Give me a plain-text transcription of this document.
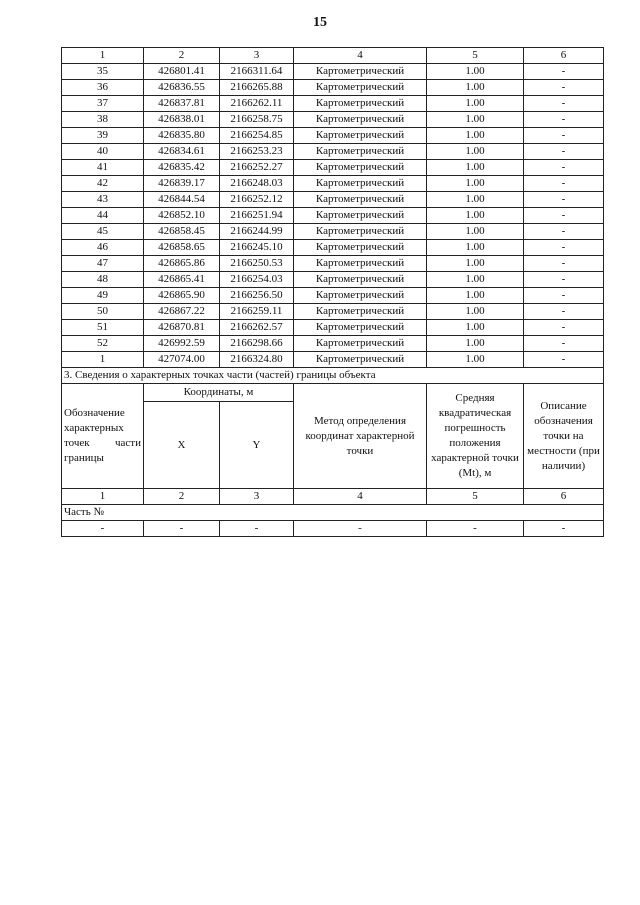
15
1	2	3	4	5	6
35	426801.41	2166311.64	Картометрический	1.00	-
36	426836.55	2166265.88	Картометрический	1.00	-
37	426837.81	2166262.11	Картометрический	1.00	-
38	426838.01	2166258.75	Картометрический	1.00	-
39	426835.80	2166254.85	Картометрический	1.00	-
40	426834.61	2166253.23	Картометрический	1.00	-
41	426835.42	2166252.27	Картометрический	1.00	-
42	426839.17	2166248.03	Картометрический	1.00	-
43	426844.54	2166252.12	Картометрический	1.00	-
44	426852.10	2166251.94	Картометрический	1.00	-
45	426858.45	2166244.99	Картометрический	1.00	-
46	426858.65	2166245.10	Картометрический	1.00	-
47	426865.86	2166250.53	Картометрический	1.00	-
48	426865.41	2166254.03	Картометрический	1.00	-
49	426865.90	2166256.50	Картометрический	1.00	-
50	426867.22	2166259.11	Картометрический	1.00	-
51	426870.81	2166262.57	Картометрический	1.00	-
52	426992.59	2166298.66	Картометрический	1.00	-
1	427074.00	2166324.80	Картометрический	1.00	-
3. Сведения о характерных точках части (частей) границы объекта					

Обозначение характерных точек части границы	Координаты, м		Метод определения координат характерной точки	Средняя квадратическая погрешность положения характерной точки (Мt), м	Описание обозначения точки на местности (при наличии)
	X	Y			
1	2	3	4	5	6
Часть №					
-	-	-	-	-	-
